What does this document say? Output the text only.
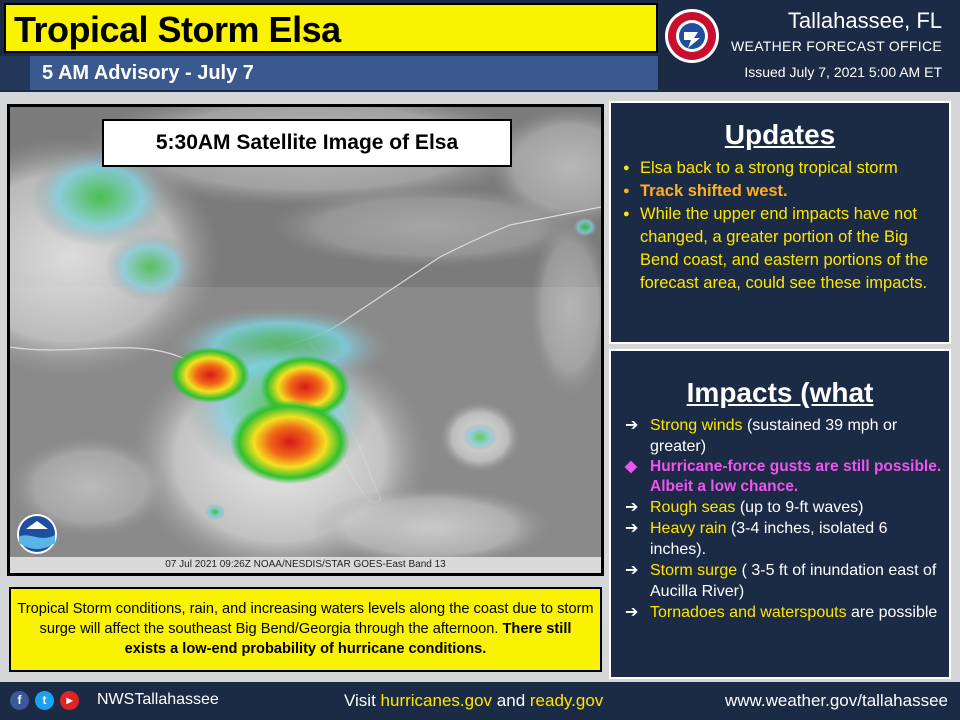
Tropical Storm Elsa
5 AM Advisory - July 7
Tallahassee, FL
WEATHER FORECAST OFFICE
Issued July 7, 2021 5:00 AM ET
5:30AM Satellite Image of Elsa
07 Jul 2021 09:26Z NOAA/NESDIS/STAR GOES-East Band 13
Tropical Storm conditions, rain, and increasing waters levels along the coast due to storm surge will affect the southeast Big Bend/Georgia through the afternoon. There still exists a low-end probability of hurricane conditions.
Updates
● Elsa back to a strong tropical storm
● Track shifted west.
● While the upper end impacts have not changed, a greater portion of the Big Bend coast, and eastern portions of the forecast area, could see these impacts.
Impacts (what
➔ Strong winds (sustained 39 mph or greater)
◆ Hurricane-force gusts are still possible. Albeit a low chance.
➔ Rough seas (up to 9-ft waves)
➔ Heavy rain (3-4 inches, isolated 6 inches).
➔ Storm surge ( 3-5 ft of inundation east of Aucilla River)
➔ Tornadoes and waterspouts are possible
f	t	▸	NWSTallahassee	Visit hurricanes.gov and ready.gov	www.weather.gov/tallahassee
